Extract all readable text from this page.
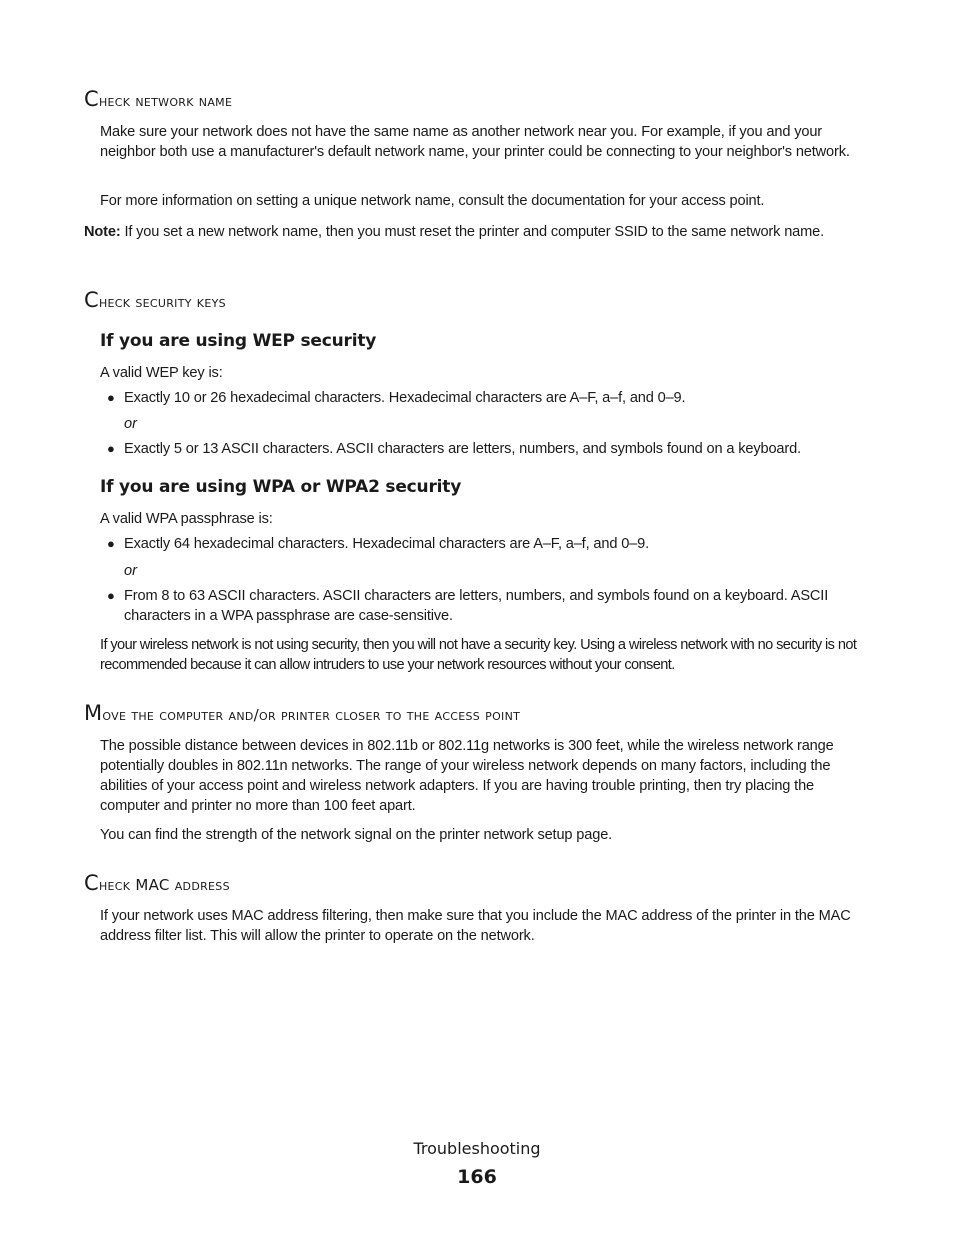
Check network name

Make sure your network does not have the same name as another network near you. For example, if you and your neighbor both use a manufacturer's default network name, your printer could be connecting to your neighbor's network.

For more information on setting a unique network name, consult the documentation for your access point.

Note: If you set a new network name, then you must reset the printer and computer SSID to the same network name.

Check security keys
If you are using WEP security

A valid WEP key is:

● Exactly 10 or 26 hexadecimal characters. Hexadecimal characters are A–F, a–f, and 0–9.

or

● Exactly 5 or 13 ASCII characters. ASCII characters are letters, numbers, and symbols found on a keyboard.

If you are using WPA or WPA2 security

A valid WPA passphrase is:

● Exactly 64 hexadecimal characters. Hexadecimal characters are A–F, a–f, and 0–9.

or

● From 8 to 63 ASCII characters. ASCII characters are letters, numbers, and symbols found on a keyboard. ASCII characters in a WPA passphrase are case-sensitive.

If your wireless network is not using security, then you will not have a security key. Using a wireless network with no security is not recommended because it can allow intruders to use your network resources without your consent.

Move the computer and/or printer closer to the access point

The possible distance between devices in 802.11b or 802.11g networks is 300 feet, while the wireless network range potentially doubles in 802.11n networks. The range of your wireless network depends on many factors, including the abilities of your access point and wireless network adapters. If you are having trouble printing, then try placing the computer and printer no more than 100 feet apart.

You can find the strength of the network signal on the printer network setup page.

Check MAC address

If your network uses MAC address filtering, then make sure that you include the MAC address of the printer in the MAC address filter list. This will allow the printer to operate on the network.

Troubleshooting

166
